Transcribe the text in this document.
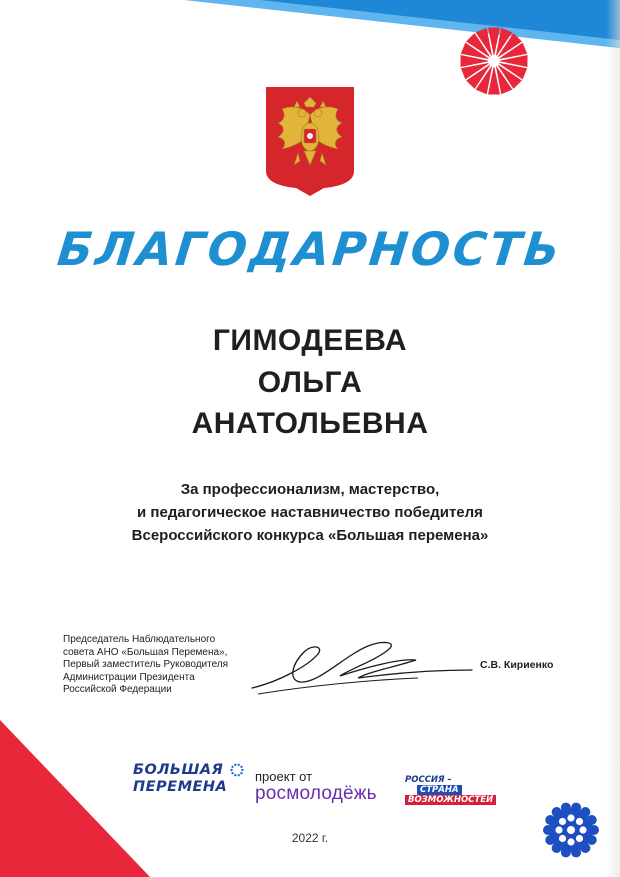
БЛАГОДАРНОСТЬ
ГИМОДЕЕВА
ОЛЬГА
АНАТОЛЬЕВНА
За профессионализм, мастерство,
и педагогическое наставничество победителя
Всероссийского конкурса «Большая перемена»
Председатель Наблюдательного
совета АНО «Большая Перемена»,
Первый заместитель Руководителя
Администрации Президента
Российской Федерации
С.В. Кириенко
БОЛЬШАЯ
ПЕРЕМЕНА
проект от
росмолодёжь
РОССИЯ –
СТРАНА
ВОЗМОЖНОСТЕЙ
2022 г.
